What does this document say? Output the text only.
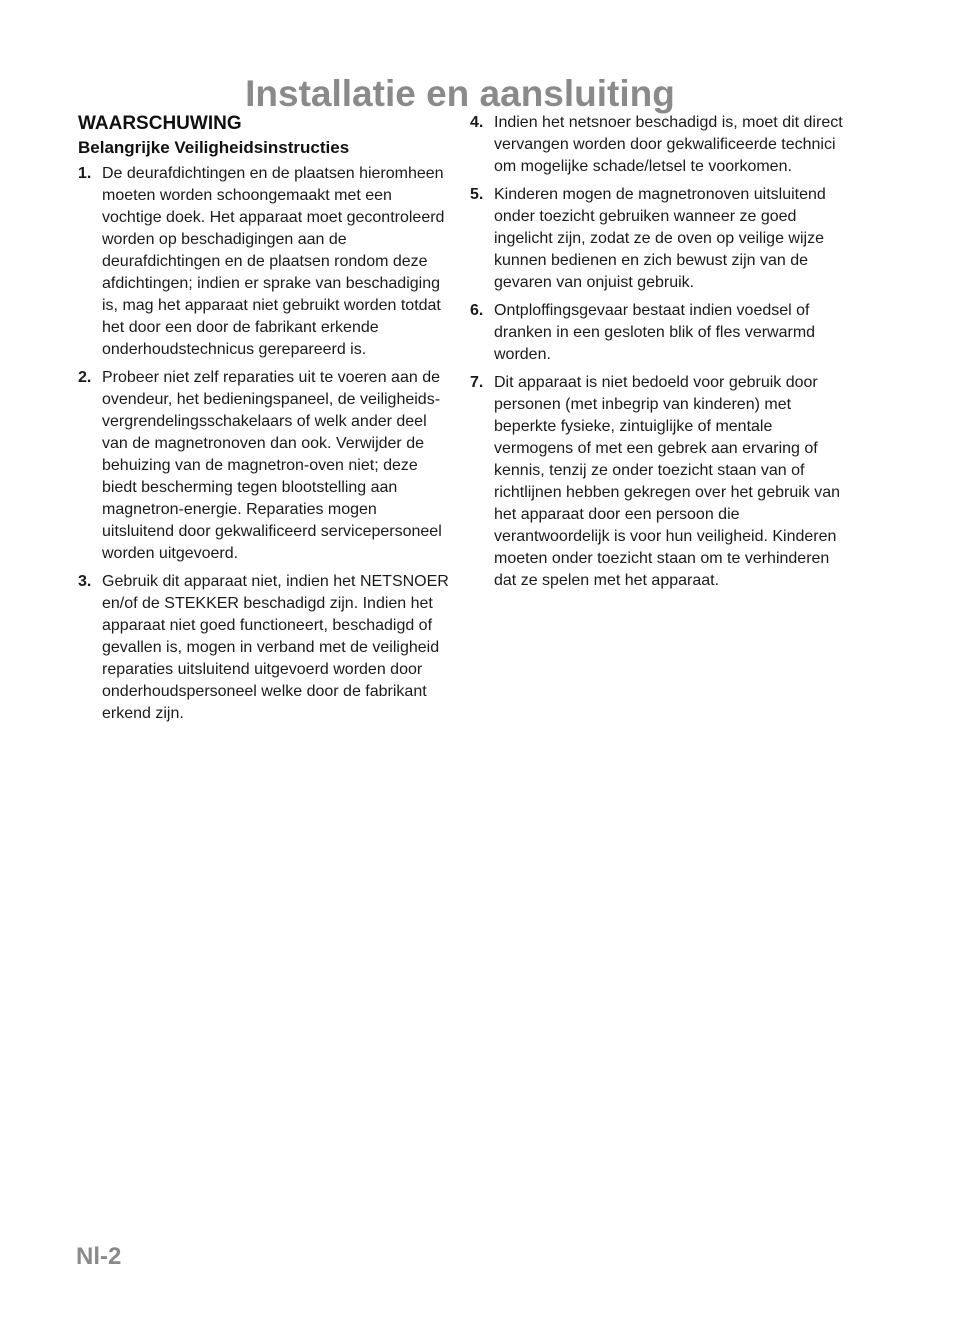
Installatie en aansluiting
WAARSCHUWING
Belangrijke Veiligheidsinstructies
1. De deurafdichtingen en de plaatsen hieromheen moeten worden schoongemaakt met een vochtige doek. Het apparaat moet gecontroleerd worden op beschadigingen aan de deurafdichtingen en de plaatsen rondom deze afdichtingen; indien er sprake van beschadiging is, mag het apparaat niet gebruikt worden totdat het door een door de fabrikant erkende onderhoudstechnicus gerepareerd is.
2. Probeer niet zelf reparaties uit te voeren aan de ovendeur, het bedieningspaneel, de veiligheids-vergrendelingsschakelaars of welk ander deel van de magnetronoven dan ook. Verwijder de behuizing van de magnetron-oven niet; deze biedt bescherming tegen blootstelling aan magnetron-energie. Reparaties mogen uitsluitend door gekwalificeerd servicepersoneel worden uitgevoerd.
3. Gebruik dit apparaat niet, indien het NETSNOER en/of de STEKKER beschadigd zijn. Indien het apparaat niet goed functioneert, beschadigd of gevallen is, mogen in verband met de veiligheid reparaties uitsluitend uitgevoerd worden door onderhoudspersoneel welke door de fabrikant erkend zijn.
4. Indien het netsnoer beschadigd is, moet dit direct vervangen worden door gekwalificeerde technici om mogelijke schade/letsel te voorkomen.
5. Kinderen mogen de magnetronoven uitsluitend onder toezicht gebruiken wanneer ze goed ingelicht zijn, zodat ze de oven op veilige wijze kunnen bedienen en zich bewust zijn van de gevaren van onjuist gebruik.
6. Ontploffingsgevaar bestaat indien voedsel of dranken in een gesloten blik of fles verwarmd worden.
7. Dit apparaat is niet bedoeld voor gebruik door personen (met inbegrip van kinderen) met beperkte fysieke, zintuiglijke of mentale vermogens of met een gebrek aan ervaring of kennis, tenzij ze onder toezicht staan van of richtlijnen hebben gekregen over het gebruik van het apparaat door een persoon die verantwoordelijk is voor hun veiligheid. Kinderen moeten onder toezicht staan om te verhinderen dat ze spelen met het apparaat.
Nl-2
